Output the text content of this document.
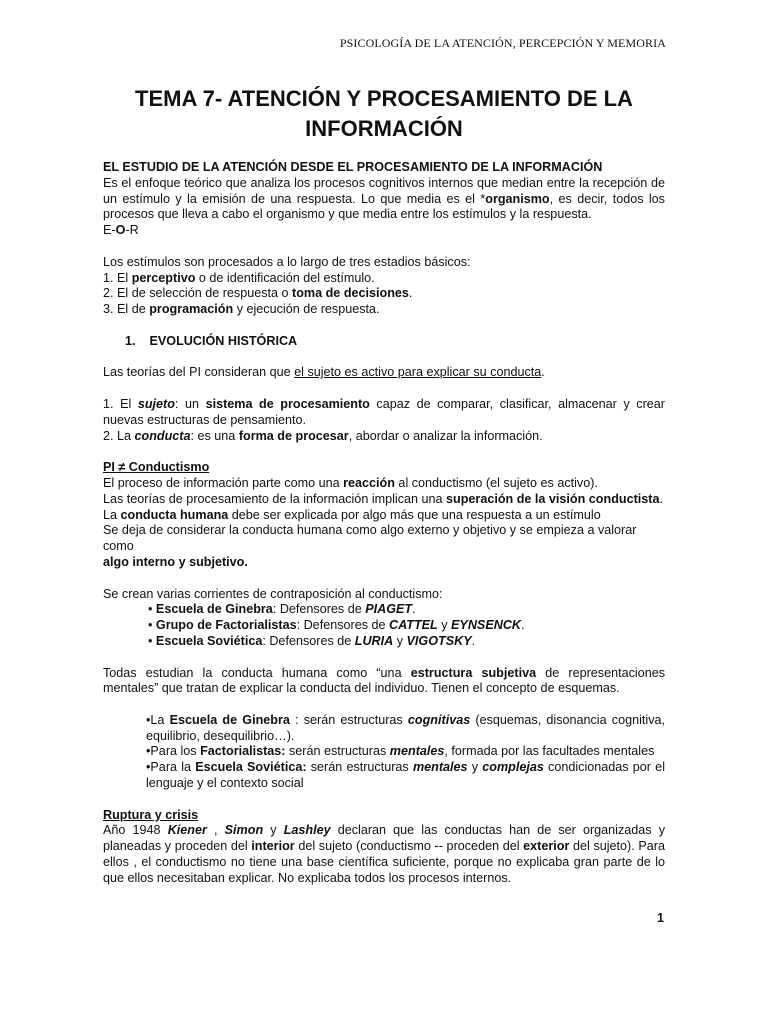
PSICOLOGÍA DE LA ATENCIÓN, PERCEPCIÓN Y MEMORIA
TEMA 7- ATENCIÓN Y PROCESAMIENTO DE LA
INFORMACIÓN

EL ESTUDIO DE LA ATENCIÓN DESDE EL PROCESAMIENTO DE LA INFORMACIÓN

Es el enfoque teórico que analiza los procesos cognitivos internos que median entre la recepción de un estímulo y la emisión de una respuesta. Lo que media es el *organismo, es decir, todos los procesos que lleva a cabo el organismo y que media entre los estímulos y la respuesta.

E-O-R

Los estímulos son procesados a lo largo de tres estadios básicos:

1. El perceptivo o de identificación del estímulo.

2. El de selección de respuesta o toma de decisiones.

3. El de programación y ejecución de respuesta.

1.    EVOLUCIÓN HISTÓRICA

Las teorías del PI consideran que el sujeto es activo para explicar su conducta.

1. El sujeto: un sistema de procesamiento capaz de comparar, clasificar, almacenar y crear nuevas estructuras de pensamiento.

2. La conducta: es una forma de procesar, abordar o analizar la información.

PI ≠ Conductismo

El proceso de información parte como una reacción al conductismo (el sujeto es activo).

Las teorías de procesamiento de la información implican una superación de la visión conductista.

La conducta humana debe ser explicada por algo más que una respuesta a un estímulo

Se deja de considerar la conducta humana como algo externo y objetivo y se empieza a valorar como

algo interno y subjetivo.

Se crean varias corrientes de contraposición al conductismo:

• Escuela de Ginebra: Defensores de PIAGET.

• Grupo de Factorialistas: Defensores de CATTEL y EYNSENCK.

• Escuela Soviética: Defensores de LURIA y VIGOTSKY.

Todas estudian la conducta humana como “una estructura subjetiva de representaciones mentales” que tratan de explicar la conducta del individuo. Tienen el concepto de esquemas.

•La Escuela de Ginebra : serán estructuras cognitivas (esquemas, disonancia cognitiva, equilibrio, desequilibrio…).

•Para los Factorialistas: serán estructuras mentales, formada por las facultades mentales

•Para la Escuela Soviética: serán estructuras mentales y complejas condicionadas por el lenguaje y el contexto social

Ruptura y crisis

Año 1948 Kiener , Simon y Lashley declaran que las conductas han de ser organizadas y planeadas y proceden del interior del sujeto (conductismo -- proceden del exterior del sujeto). Para ellos , el conductismo no tiene una base científica suficiente, porque no explicaba gran parte de lo que ellos necesitaban explicar. No explicaba todos los procesos internos.

1
